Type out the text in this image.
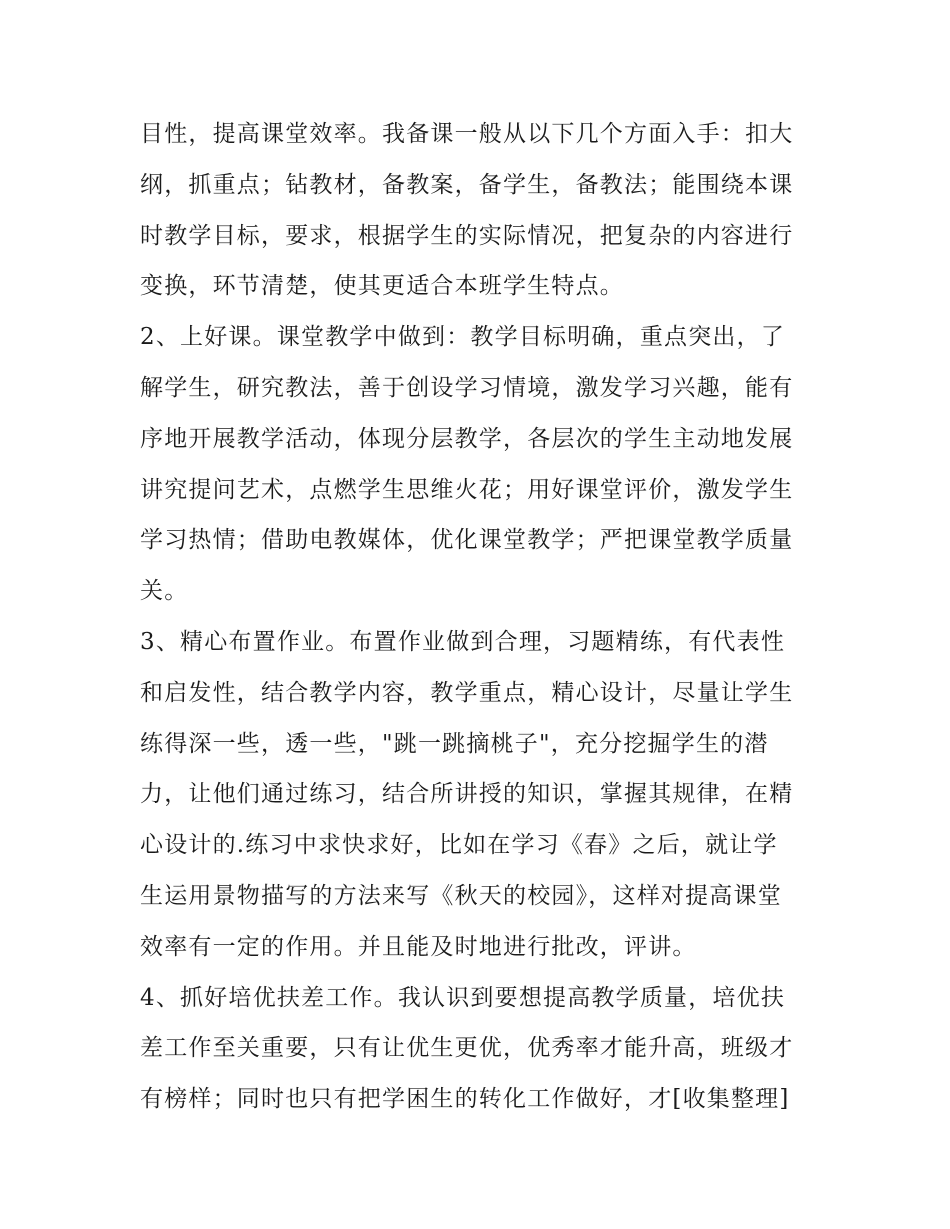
目性，提高课堂效率。我备课一般从以下几个方面入手：扣大
纲，抓重点；钻教材，备教案，备学生，备教法；能围绕本课
时教学目标，要求，根据学生的实际情况，把复杂的内容进行
变换，环节清楚，使其更适合本班学生特点。
2、上好课。课堂教学中做到：教学目标明确，重点突出，了
解学生，研究教法，善于创设学习情境，激发学习兴趣，能有
序地开展教学活动，体现分层教学，各层次的学生主动地发展
讲究提问艺术，点燃学生思维火花；用好课堂评价，激发学生
学习热情；借助电教媒体，优化课堂教学；严把课堂教学质量
关。
3、精心布置作业。布置作业做到合理，习题精练，有代表性
和启发性，结合教学内容，教学重点，精心设计，尽量让学生
练得深一些，透一些，"跳一跳摘桃子"，充分挖掘学生的潜
力，让他们通过练习，结合所讲授的知识，掌握其规律，在精
心设计的.练习中求快求好，比如在学习《春》之后，就让学
生运用景物描写的方法来写《秋天的校园》，这样对提高课堂
效率有一定的作用。并且能及时地进行批改，评讲。
4、抓好培优扶差工作。我认识到要想提高教学质量，培优扶
差工作至关重要，只有让优生更优，优秀率才能升高，班级才
有榜样；同时也只有把学困生的转化工作做好，才[收集整理]
